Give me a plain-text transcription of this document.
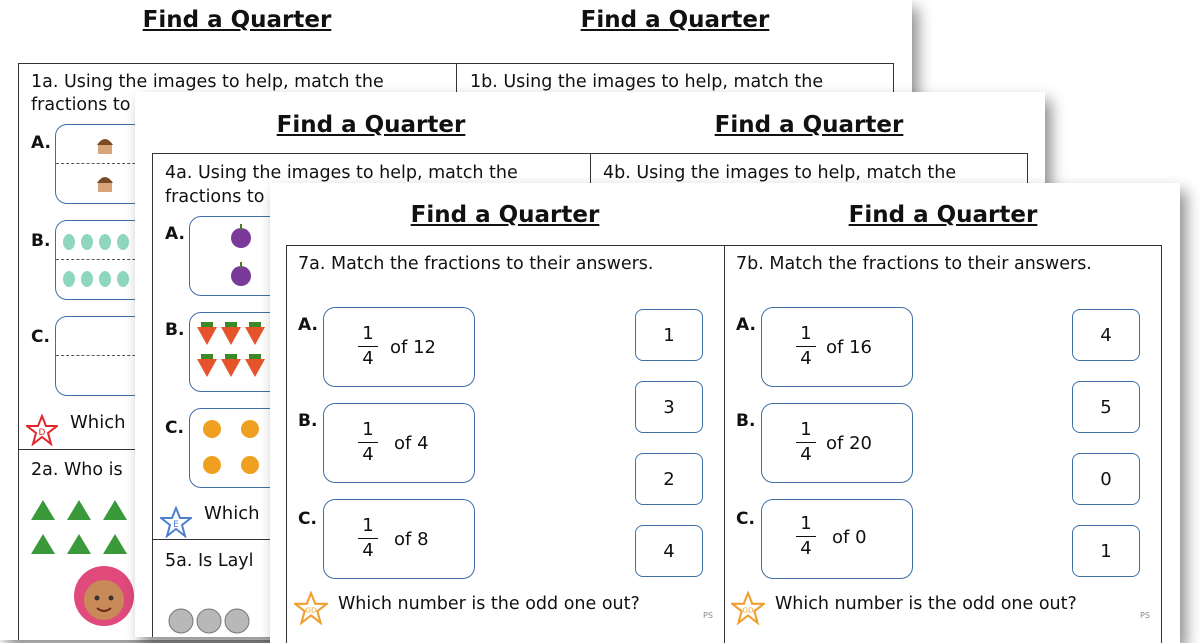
Find a Quarter	Find a Quarter
1a. Using the images to help, match the
fractions to
1b. Using the images to help, match the
A.
B.
C.
D Which
2a. Who is
Find a Quarter	Find a Quarter
4a. Using the images to help, match the
fractions to
4b. Using the images to help, match the
A.
B.
C.
E
Which
5a. Is Layl
Find a Quarter	Find a Quarter
7a. Match the fractions to their answers.
A. 1
4
of 12
B. 1
4
of 4
C.	1
4
of 8
1
3
2
4
GD Which number is the odd one out?
PS
7b. Match the fractions to their answers.
A. 1
4
of 16
B. 1
4
of 20
C.	1
4
of 0
4
5
0
1
GD Which number is the odd one out?
PS
